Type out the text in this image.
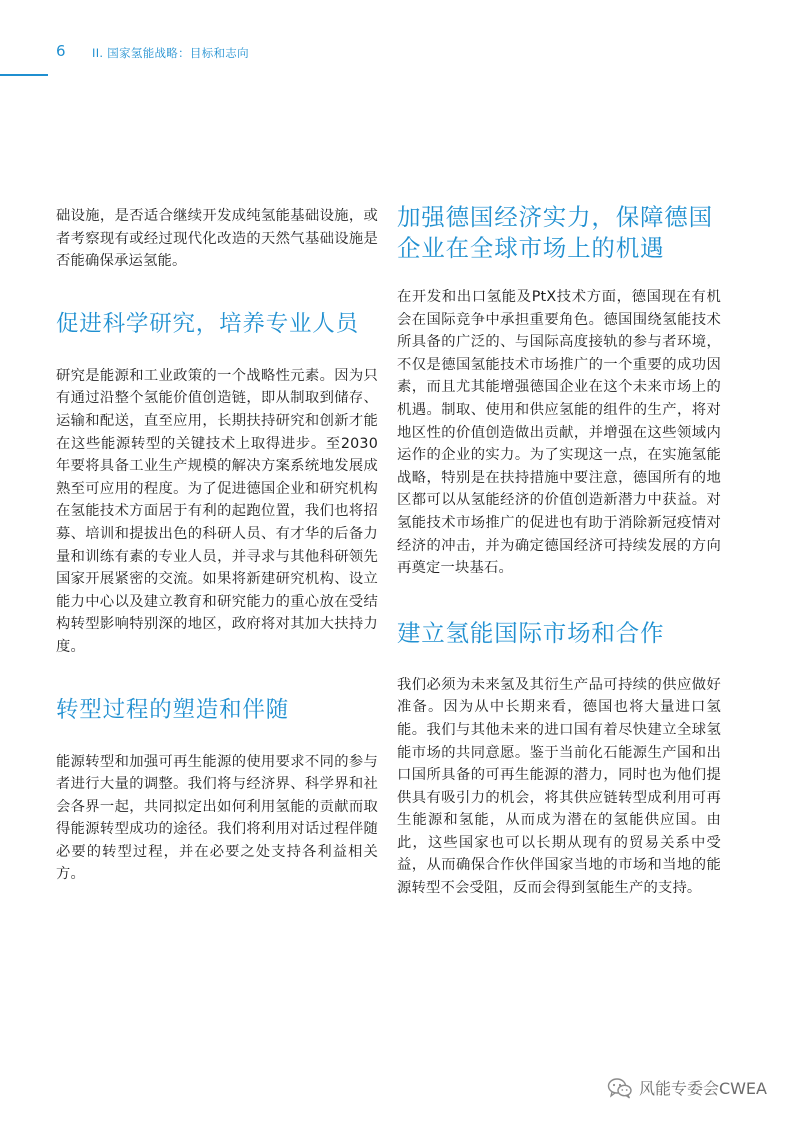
6 II. 国家氢能战略：目标和志向

础设施，是否适合继续开发成纯氢能基础设施，或者考察现有或经过现代化改造的天然气基础设施是否能确保承运氢能。

促进科学研究，培养专业人员

研究是能源和工业政策的一个战略性元素。因为只有通过沿整个氢能价值创造链，即从制取到储存、运输和配送，直至应用，长期扶持研究和创新才能在这些能源转型的关键技术上取得进步。至2030年要将具备工业生产规模的解决方案系统地发展成熟至可应用的程度。为了促进德国企业和研究机构在氢能技术方面居于有利的起跑位置，我们也将招募、培训和提拔出色的科研人员、有才华的后备力量和训练有素的专业人员，并寻求与其他科研领先国家开展紧密的交流。如果将新建研究机构、设立能力中心以及建立教育和研究能力的重心放在受结构转型影响特别深的地区，政府将对其加大扶持力度。

转型过程的塑造和伴随

能源转型和加强可再生能源的使用要求不同的参与者进行大量的调整。我们将与经济界、科学界和社会各界一起，共同拟定出如何利用氢能的贡献而取得能源转型成功的途径。我们将利用对话过程伴随必要的转型过程，并在必要之处支持各利益相关方。

加强德国经济实力，保障德国企业在全球市场上的机遇

在开发和出口氢能及PtX技术方面，德国现在有机会在国际竞争中承担重要角色。德国围绕氢能技术所具备的广泛的、与国际高度接轨的参与者环境，不仅是德国氢能技术市场推广的一个重要的成功因素，而且尤其能增强德国企业在这个未来市场上的机遇。制取、使用和供应氢能的组件的生产，将对地区性的价值创造做出贡献，并增强在这些领域内运作的企业的实力。为了实现这一点，在实施氢能战略，特别是在扶持措施中要注意，德国所有的地区都可以从氢能经济的价值创造新潜力中获益。对氢能技术市场推广的促进也有助于消除新冠疫情对经济的冲击，并为确定德国经济可持续发展的方向再奠定一块基石。

建立氢能国际市场和合作

我们必须为未来氢及其衍生产品可持续的供应做好准备。因为从中长期来看，德国也将大量进口氢能。我们与其他未来的进口国有着尽快建立全球氢能市场的共同意愿。鉴于当前化石能源生产国和出口国所具备的可再生能源的潜力，同时也为他们提供具有吸引力的机会，将其供应链转型成利用可再生能源和氢能，从而成为潜在的氢能供应国。由此，这些国家也可以长期从现有的贸易关系中受益，从而确保合作伙伴国家当地的市场和当地的能源转型不会受阻，反而会得到氢能生产的支持。

风能专委会CWEA
